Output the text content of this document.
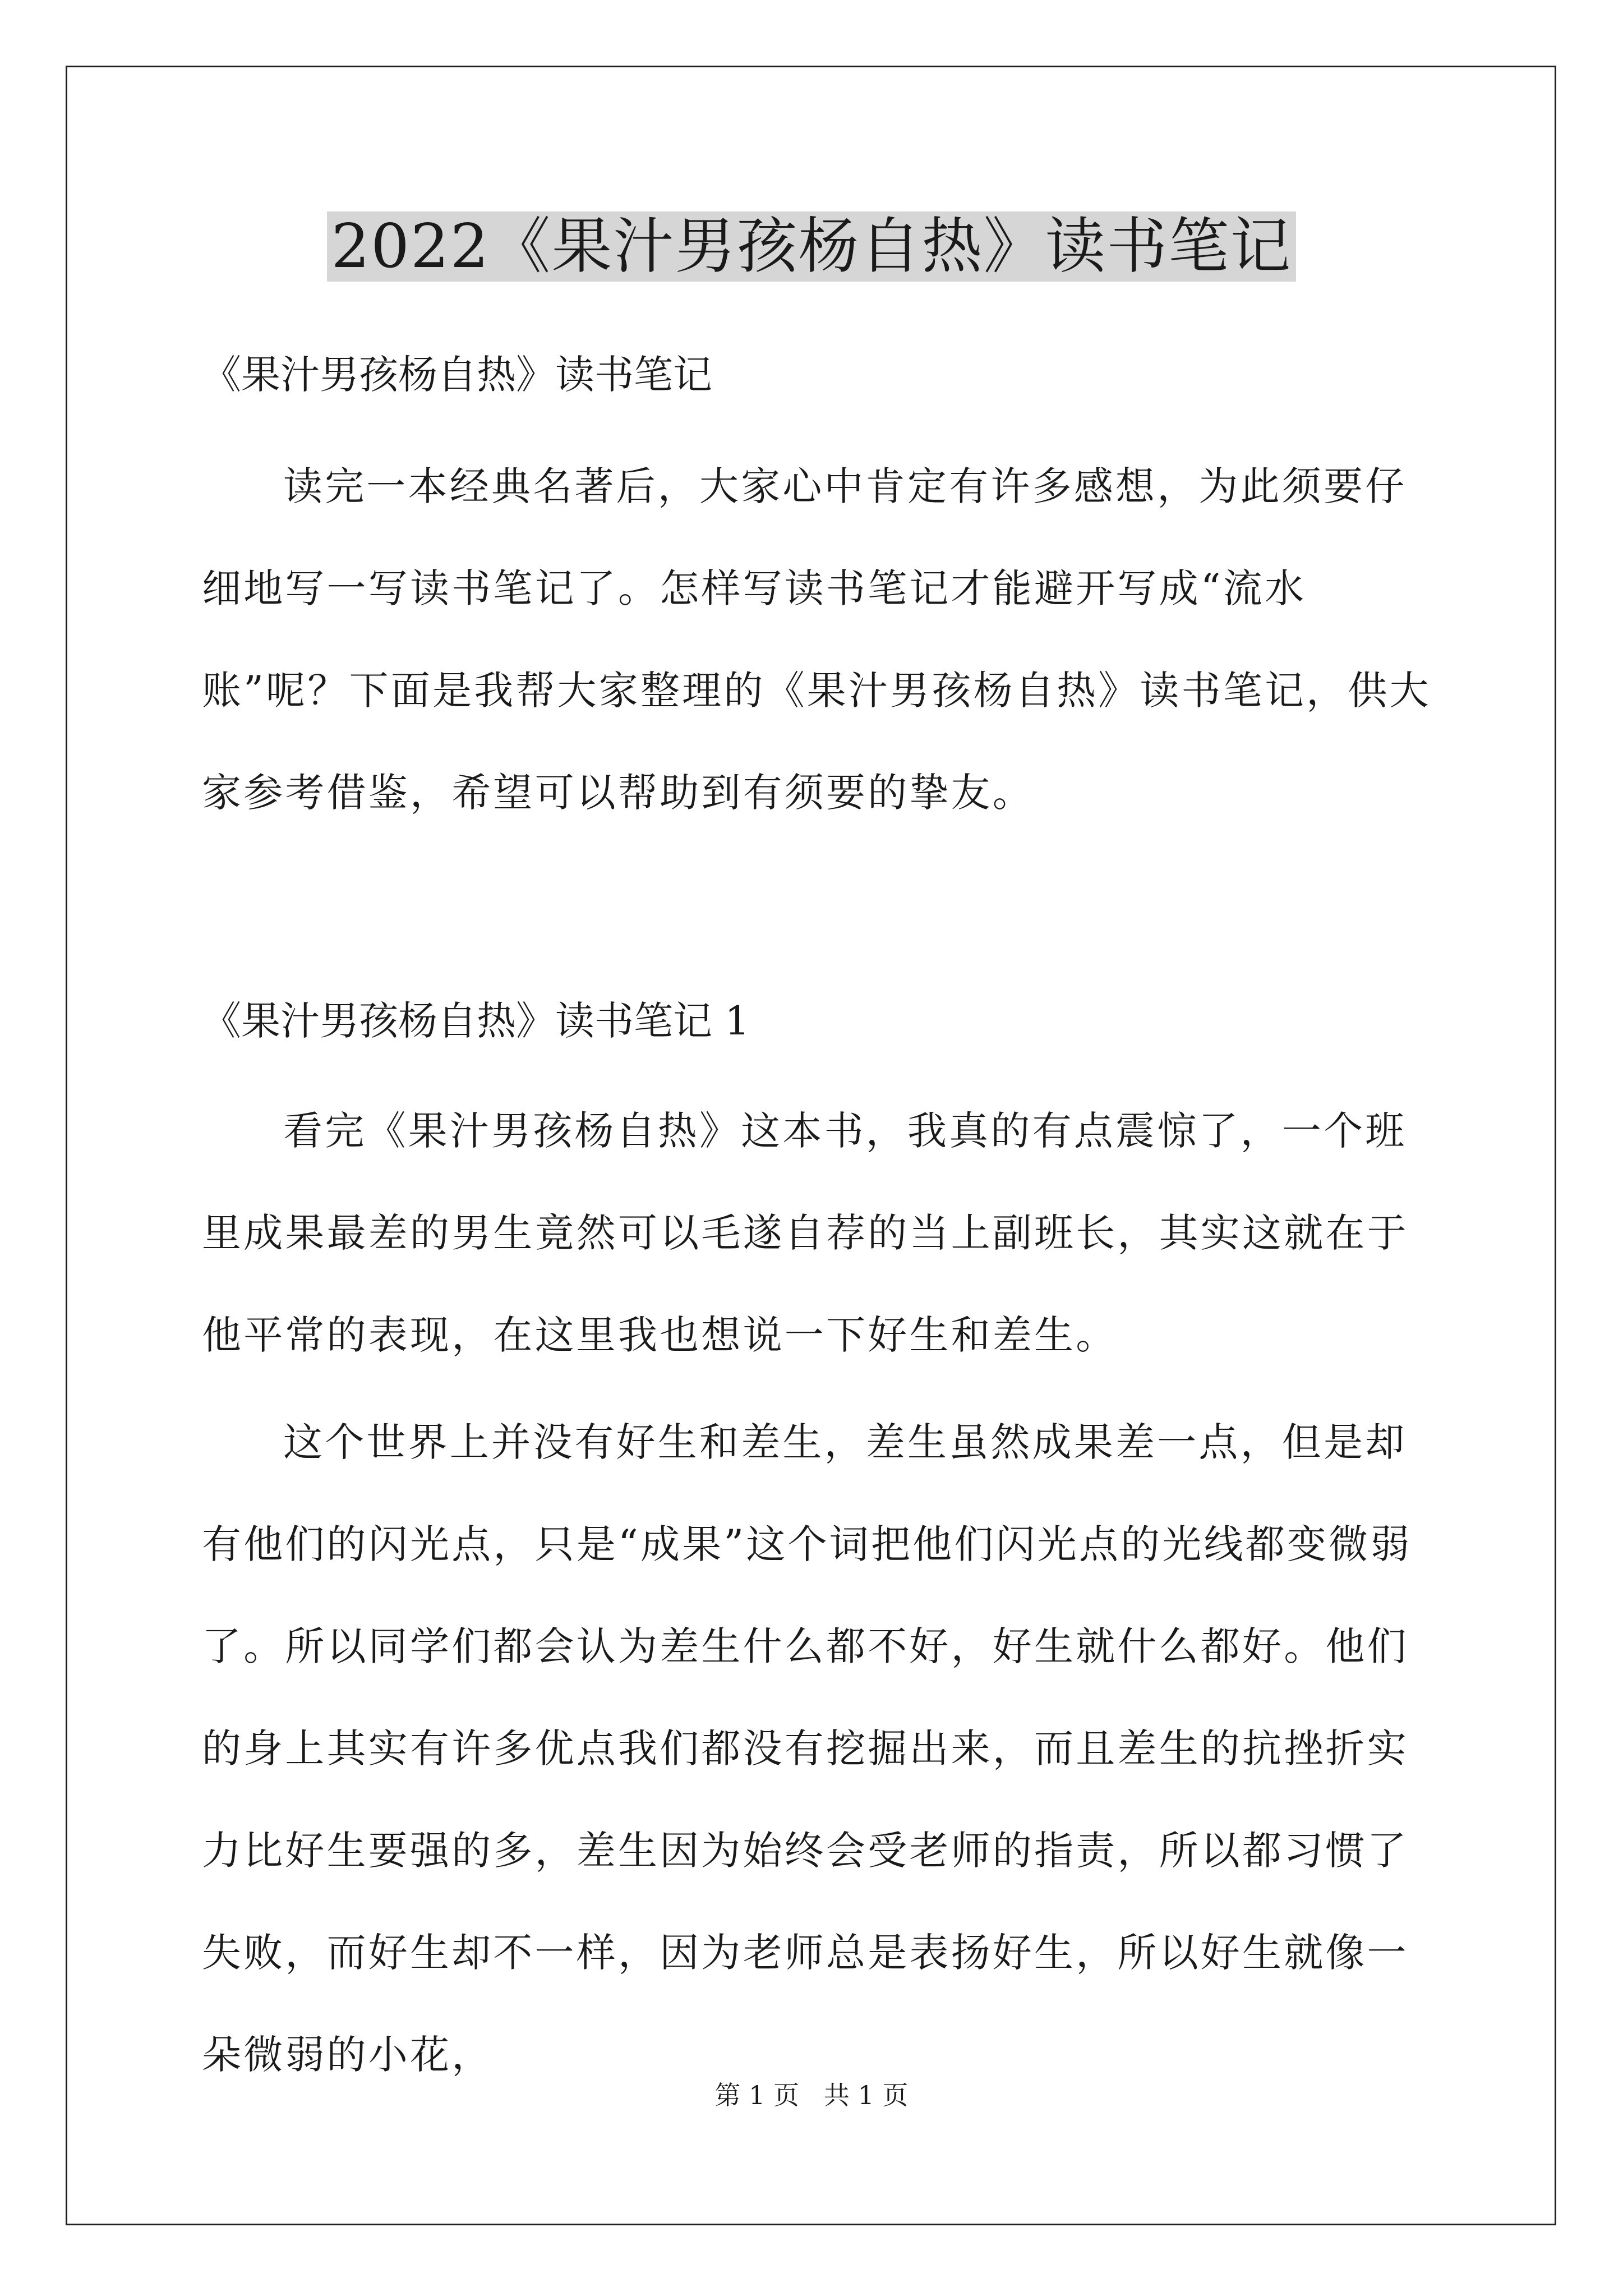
2022《果汁男孩杨自热》读书笔记
《果汁男孩杨自热》读书笔记

读完一本经典名著后，大家心中肯定有许多感想，为此须要仔细地写一写读书笔记了。怎样写读书笔记才能避开写成“流水账”呢？下面是我帮大家整理的《果汁男孩杨自热》读书笔记，供大家参考借鉴，希望可以帮助到有须要的挚友。

《果汁男孩杨自热》读书笔记 1

看完《果汁男孩杨自热》这本书，我真的有点震惊了，一个班里成果最差的男生竟然可以毛遂自荐的当上副班长，其实这就在于他平常的表现，在这里我也想说一下好生和差生。

这个世界上并没有好生和差生，差生虽然成果差一点，但是却有他们的闪光点，只是“成果”这个词把他们闪光点的光线都变微弱了。所以同学们都会认为差生什么都不好，好生就什么都好。他们的身上其实有许多优点我们都没有挖掘出来，而且差生的抗挫折实力比好生要强的多，差生因为始终会受老师的指责，所以都习惯了失败，而好生却不一样，因为老师总是表扬好生，所以好生就像一朵微弱的小花，

第 1 页   共 1 页
